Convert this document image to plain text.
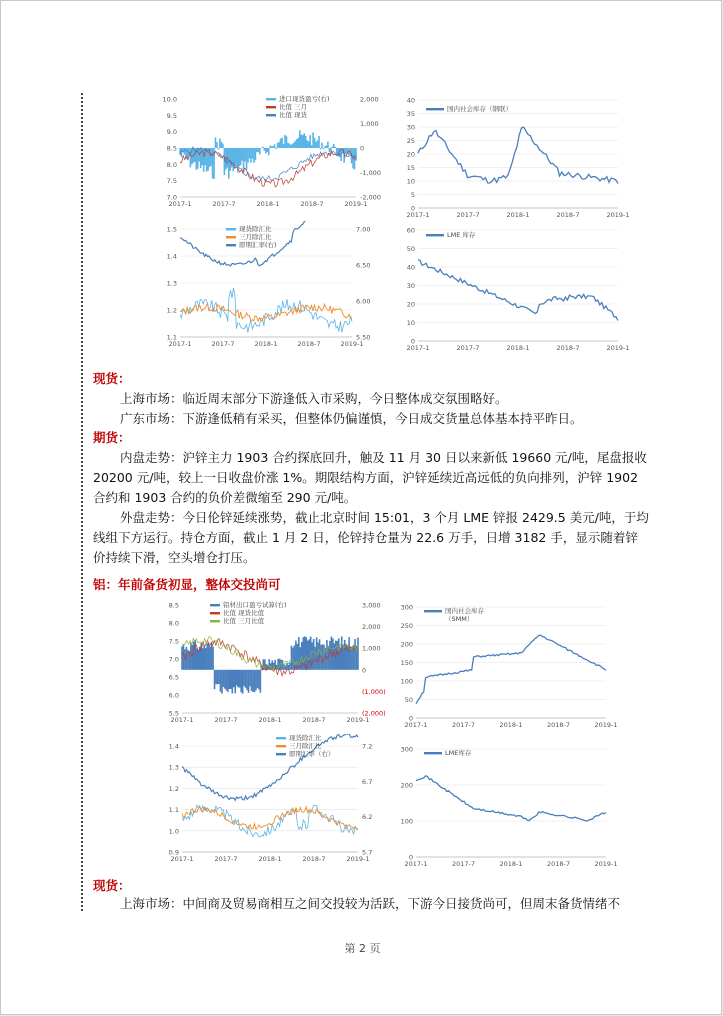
10.0
9.5
9.0
8.5
8.0
7.5
7.0
2,000
1,000
0
-1,000
-2,000
2017-1	2017-7	2018-1	2018-7	2019-1
进口现货盈亏(右)
比值 三月
比值 现货
40
35
30
25
20
15
10
5
0
2017-1	2017-7	2018-1	2018-7	2019-1
国内社会库存（钢联）
1.5
1.4
1.3
1.2
1.1
7.00
6.50
6.00
5.50
2017-1	2017-7	2018-1	2018-7	2019-1
现货除汇比
三月除汇比
即期汇率(右)
60
50
40
30
20
10
0
2017-1	2017-7	2018-1	2018-7	2019-1
LME 库存
现货：
上海市场：临近周末部分下游逢低入市采购，今日整体成交氛围略好。
广东市场：下游逢低稍有采买，但整体仍偏谨慎，今日成交货量总体基本持平昨日。
期货：
内盘走势：沪锌主力 1903 合约探底回升，触及 11 月 30 日以来新低 19660 元/吨，尾盘报收
20200 元/吨，较上一日收盘价涨 1%。期限结构方面，沪锌延续近高远低的负向排列，沪锌 1902
合约和 1903 合约的负价差微缩至 290 元/吨。
外盘走势：今日伦锌延续涨势，截止北京时间 15:01，3 个月 LME 锌报 2429.5 美元/吨，于均
线组下方运行。持仓方面，截止 1 月 2 日，伦锌持仓量为 22.6 万手，日增 3182 手，显示随着锌
价持续下滑，空头增仓打压。
铝：年前备货初显，整体交投尚可
8.5
8.0
7.5
7.0
6.5
6.0
5.5
3,000
2,000
1,000
0
(1,000)
(2,000)
2017-1	2017-7	2018-1	2018-7	2019-1
铝材出口盈亏试算(右)
比值 现货比值
比值 三月比值
300
250
200
150
100
50
0
2017-1	2017-7	2018-1	2018-7	2019-1
国内社会库存
（SMM）
1.4
1.3
1.2
1.1
1.0
0.9
7.2
6.7
6.2
5.7
2017-1	2017-7	2018-1	2018-7	2019-1
现货除汇比
三月除汇比
即期汇率（右）
300
200
100
0
2017-1	2017-7	2018-1	2018-7	2019-1
LME库存
现货：
上海市场：中间商及贸易商相互之间交投较为活跃，下游今日接货尚可，但周末备货情绪不
第 2 页
